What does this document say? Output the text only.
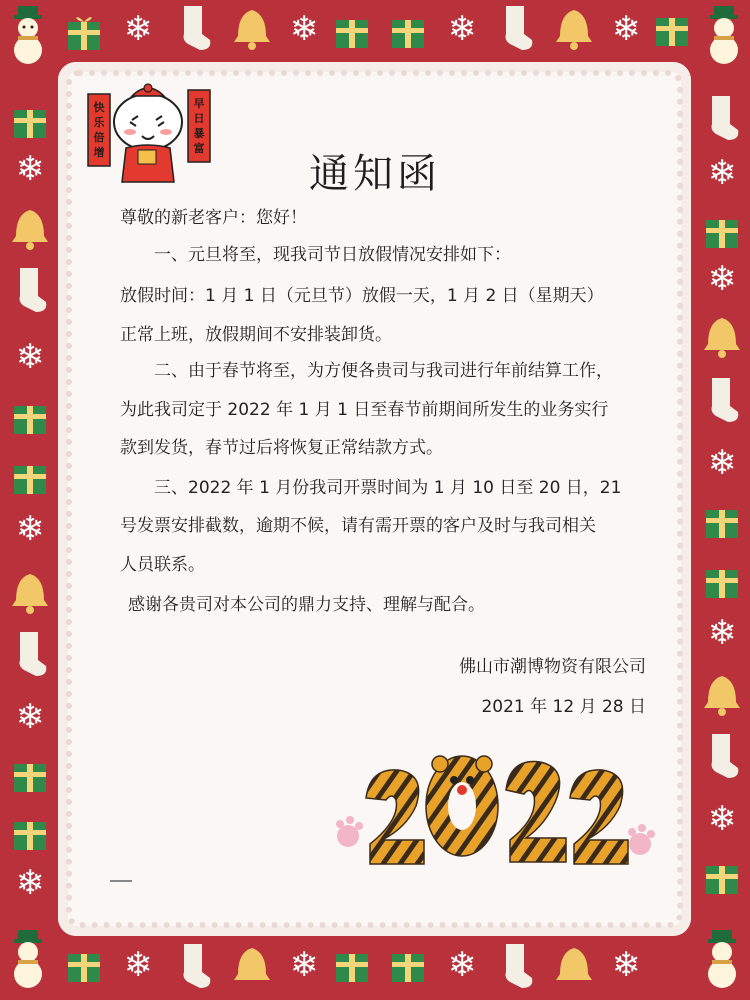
❄	❄	❄	❄
❄
❄
❄
❄
❄
❄
❄
❄
❄
❄
❄	❄	❄	❄
快乐倍增
早日暴富
通知函
尊敬的新老客户：您好！
一、元旦将至，现我司节日放假情况安排如下：
放假时间：1 月 1 日（元旦节）放假一天，1 月 2 日（星期天）
正常上班，放假期间不安排装卸货。
二、由于春节将至，为方便各贵司与我司进行年前结算工作，
为此我司定于 2022 年 1 月 1 日至春节前期间所发生的业务实行
款到发货，春节过后将恢复正常结款方式。
三、2022 年 1 月份我司开票时间为 1 月 10 日至 20 日，21
号发票安排截数，逾期不候，请有需开票的客户及时与我司相关
人员联系。
感谢各贵司对本公司的鼎力支持、理解与配合。
佛山市潮博物资有限公司
2021 年 12 月 28 日
